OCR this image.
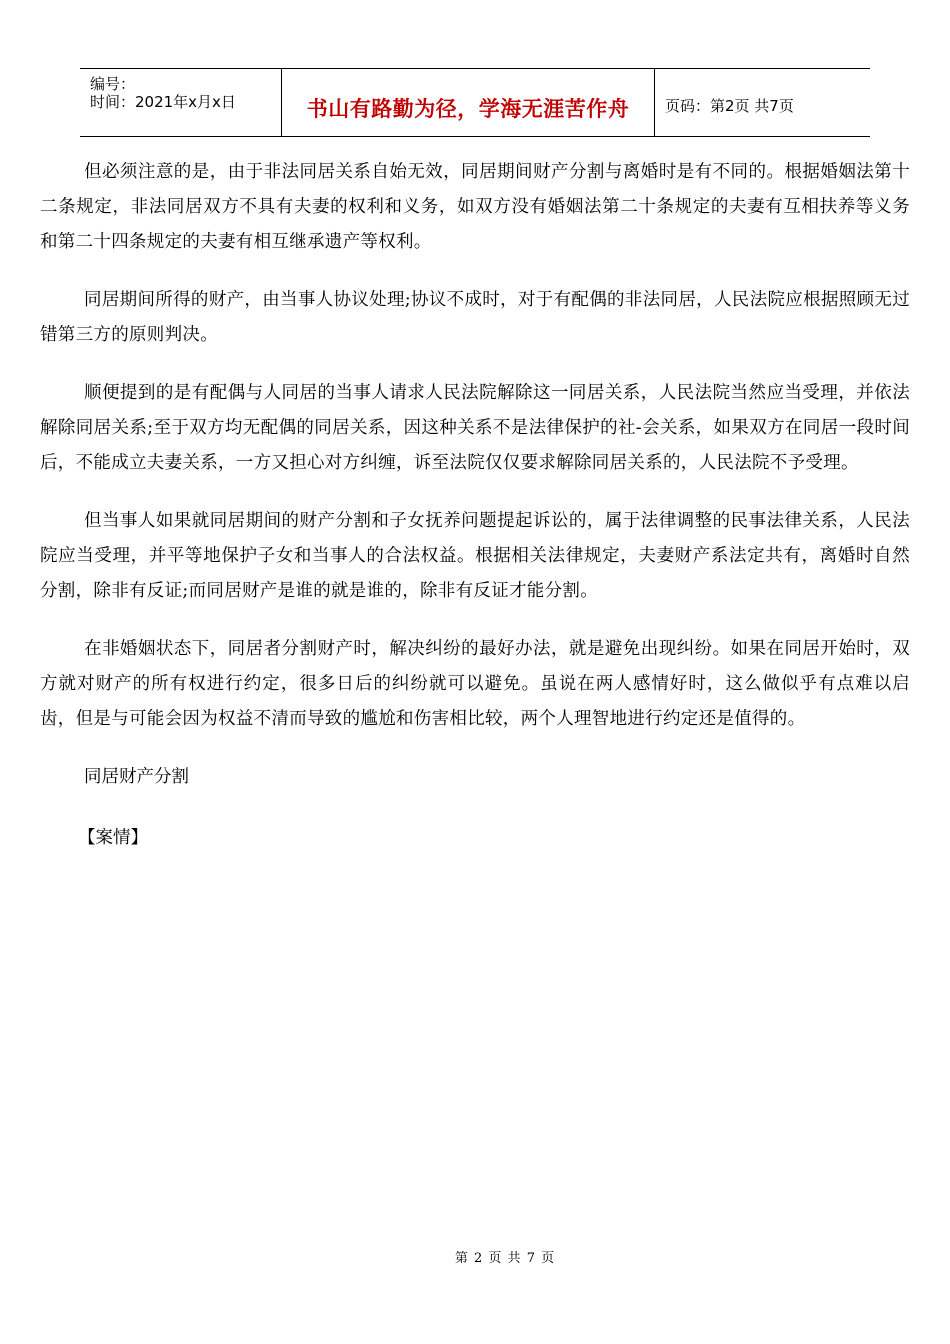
编号：
时间：2021年x月x日	书山有路勤为径，学海无涯苦作舟	页码：第2页 共7页

但必须注意的是，由于非法同居关系自始无效，同居期间财产分割与离婚时是有不同的。根据婚姻法第十二条规定，非法同居双方不具有夫妻的权利和义务，如双方没有婚姻法第二十条规定的夫妻有互相扶养等义务和第二十四条规定的夫妻有相互继承遗产等权利。

同居期间所得的财产，由当事人协议处理;协议不成时，对于有配偶的非法同居，人民法院应根据照顾无过错第三方的原则判决。

顺便提到的是有配偶与人同居的当事人请求人民法院解除这一同居关系，人民法院当然应当受理，并依法解除同居关系;至于双方均无配偶的同居关系，因这种关系不是法律保护的社-会关系，如果双方在同居一段时间后，不能成立夫妻关系，一方又担心对方纠缠，诉至法院仅仅要求解除同居关系的，人民法院不予受理。

但当事人如果就同居期间的财产分割和子女抚养问题提起诉讼的，属于法律调整的民事法律关系，人民法院应当受理，并平等地保护子女和当事人的合法权益。根据相关法律规定，夫妻财产系法定共有，离婚时自然分割，除非有反证;而同居财产是谁的就是谁的，除非有反证才能分割。

在非婚姻状态下，同居者分割财产时，解决纠纷的最好办法，就是避免出现纠纷。如果在同居开始时，双方就对财产的所有权进行约定，很多日后的纠纷就可以避免。虽说在两人感情好时，这么做似乎有点难以启齿，但是与可能会因为权益不清而导致的尴尬和伤害相比较，两个人理智地进行约定还是值得的。

同居财产分割

【案情】

第 2 页 共 7 页
